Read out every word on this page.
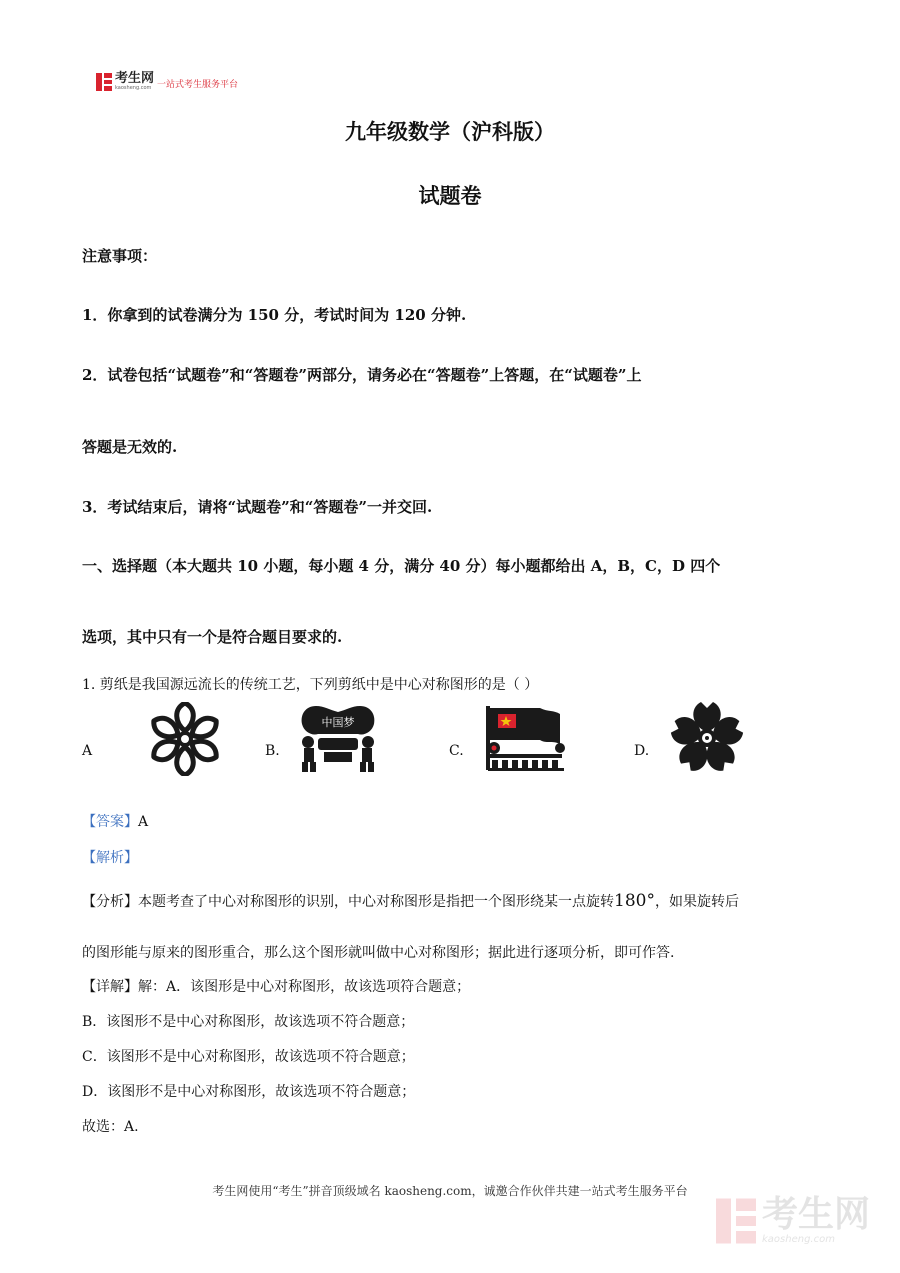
考生网
kaosheng.com 一站式考生服务平台
九年级数学（沪科版）
试题卷
注意事项：
1．你拿到的试卷满分为 150 分，考试时间为 120 分钟.
2．试卷包括“试题卷”和“答题卷”两部分，请务必在“答题卷”上答题，在“试题卷”上
答题是无效的.
3．考试结束后，请将“试题卷”和“答题卷”一并交回.
一、选择题（本大题共 10 小题，每小题 4 分，满分 40 分）每小题都给出 A，B，C，D 四个
选项，其中只有一个是符合题目要求的.
1. 剪纸是我国源远流长的传统工艺，下列剪纸中是中心对称图形的是（ ）
A	B.
中国梦
C.	D.
【答案】A
【解析】
【分析】本题考查了中心对称图形的识别，中心对称图形是指把一个图形绕某一点旋转180°，如果旋转后
的图形能与原来的图形重合，那么这个图形就叫做中心对称图形；据此进行逐项分析，即可作答.
【详解】解：A．该图形是中心对称图形，故该选项符合题意；
B．该图形不是中心对称图形，故该选项不符合题意；
C．该图形不是中心对称图形，故该选项不符合题意；
D．该图形不是中心对称图形，故该选项不符合题意；
故选：A.
考生网使用“考生”拼音顶级域名 kaosheng.com，诚邀合作伙伴共建一站式考生服务平台
考生网
kaosheng.com
